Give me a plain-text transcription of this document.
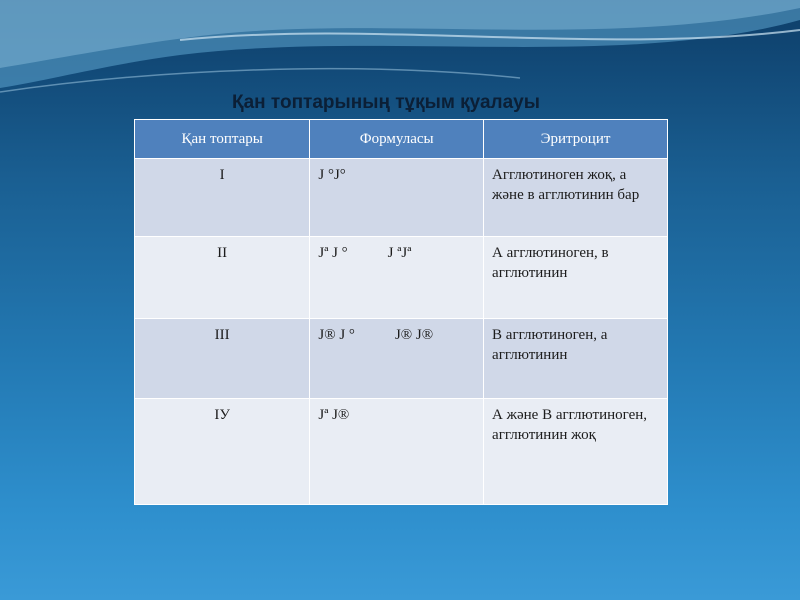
Қан топтарының тұқым қуалауы
Қан топтары	Формуласы	Эритроцит
I	J °J°	Агглютиноген жоқ, а және в агглютинин бар
II	Jª J ° J ªJª	А агглютиноген, в агглютинин
III	J® J ° J® J®	В агглютиноген, а агглютинин
IУ	Jª J®	А және В агглютиноген, агглютинин жоқ
